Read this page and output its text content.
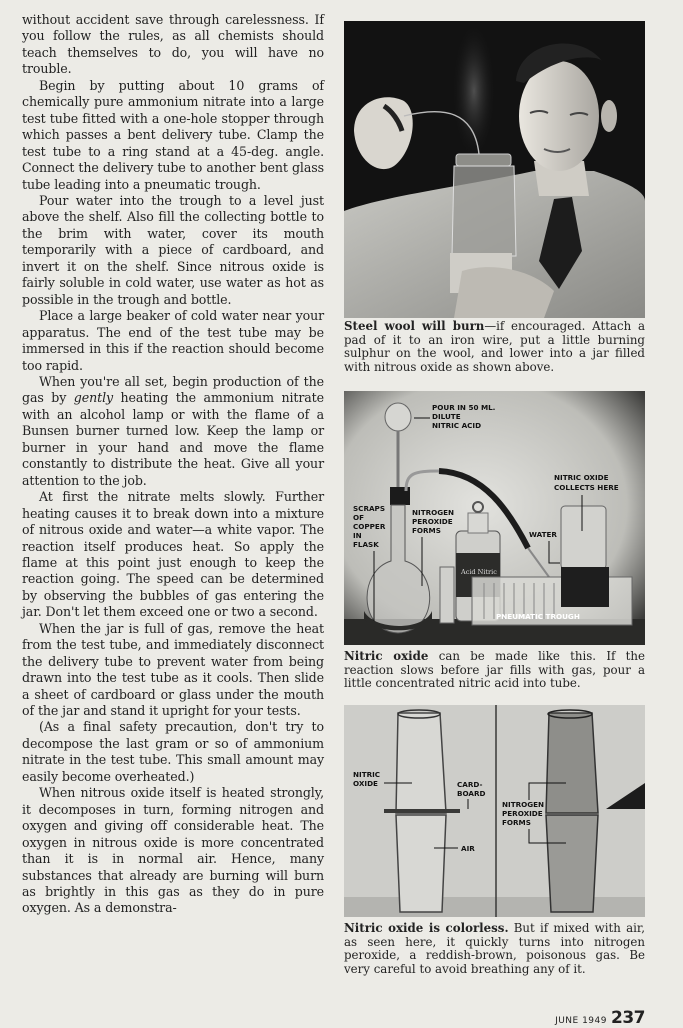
without accident save through carelessness. If you follow the rules, as all chemists should teach themselves to do, you will have no trouble.

Begin by putting about 10 grams of chemically pure ammonium nitrate into a large test tube fitted with a one-hole stopper through which passes a bent delivery tube. Clamp the test tube to a ring stand at a 45-deg. angle. Connect the delivery tube to another bent glass tube leading into a pneumatic trough.

Pour water into the trough to a level just above the shelf. Also fill the collecting bottle to the brim with water, cover its mouth temporarily with a piece of cardboard, and invert it on the shelf. Since nitrous oxide is fairly soluble in cold water, use water as hot as possible in the trough and bottle.

Place a large beaker of cold water near your apparatus. The end of the test tube may be immersed in this if the reaction should become too rapid.

When you're all set, begin production of the gas by gently heating the ammonium nitrate with an alcohol lamp or with the flame of a Bunsen burner turned low. Keep the lamp or burner in your hand and move the flame constantly to distribute the heat. Give all your attention to the job.

At first the nitrate melts slowly. Further heating causes it to break down into a mixture of nitrous oxide and water—a white vapor. The reaction itself produces heat. So apply the flame at this point just enough to keep the reaction going. The speed can be determined by observing the bubbles of gas entering the jar. Don't let them exceed one or two a second.

When the jar is full of gas, remove the heat from the test tube, and immediately disconnect the delivery tube to prevent water from being drawn into the test tube as it cools. Then slide a sheet of cardboard or glass under the mouth of the jar and stand it upright for your tests.

(As a final safety precaution, don't try to decompose the last gram or so of ammonium nitrate in the test tube. This small amount may easily become overheated.)

When nitrous oxide itself is heated strongly, it decomposes in turn, forming nitrogen and oxygen and giving off considerable heat. The oxygen in nitrous oxide is more concentrated than it is in normal air. Hence, many substances that already are burning will burn as brightly in this gas as they do in pure oxygen. As a demonstra-

Steel wool will burn—if encouraged. Attach a pad of it to an iron wire, put a little burning sulphur on the wool, and lower into a jar filled with nitrous oxide as shown above.
Acid Nitric
POUR IN 50 ML.
DILUTE
NITRIC ACID
NITRIC OXIDE
COLLECTS HERE
SCRAPS
OF
COPPER
IN
FLASK
NITROGEN
PEROXIDE
FORMS	WATER
PNEUMATIC TROUGH
Nitric oxide can be made like this. If the reaction slows before jar fills with gas, pour a little concentrated nitric acid into tube.
NITRIC
OXIDE	CARD-
BOARD
AIR
NITROGEN
PEROXIDE
FORMS
Nitric oxide is colorless. But if mixed with air, as seen here, it quickly turns into nitrogen peroxide, a reddish-brown, poisonous gas. Be very careful to avoid breathing any of it.
JUNE 1949 237
